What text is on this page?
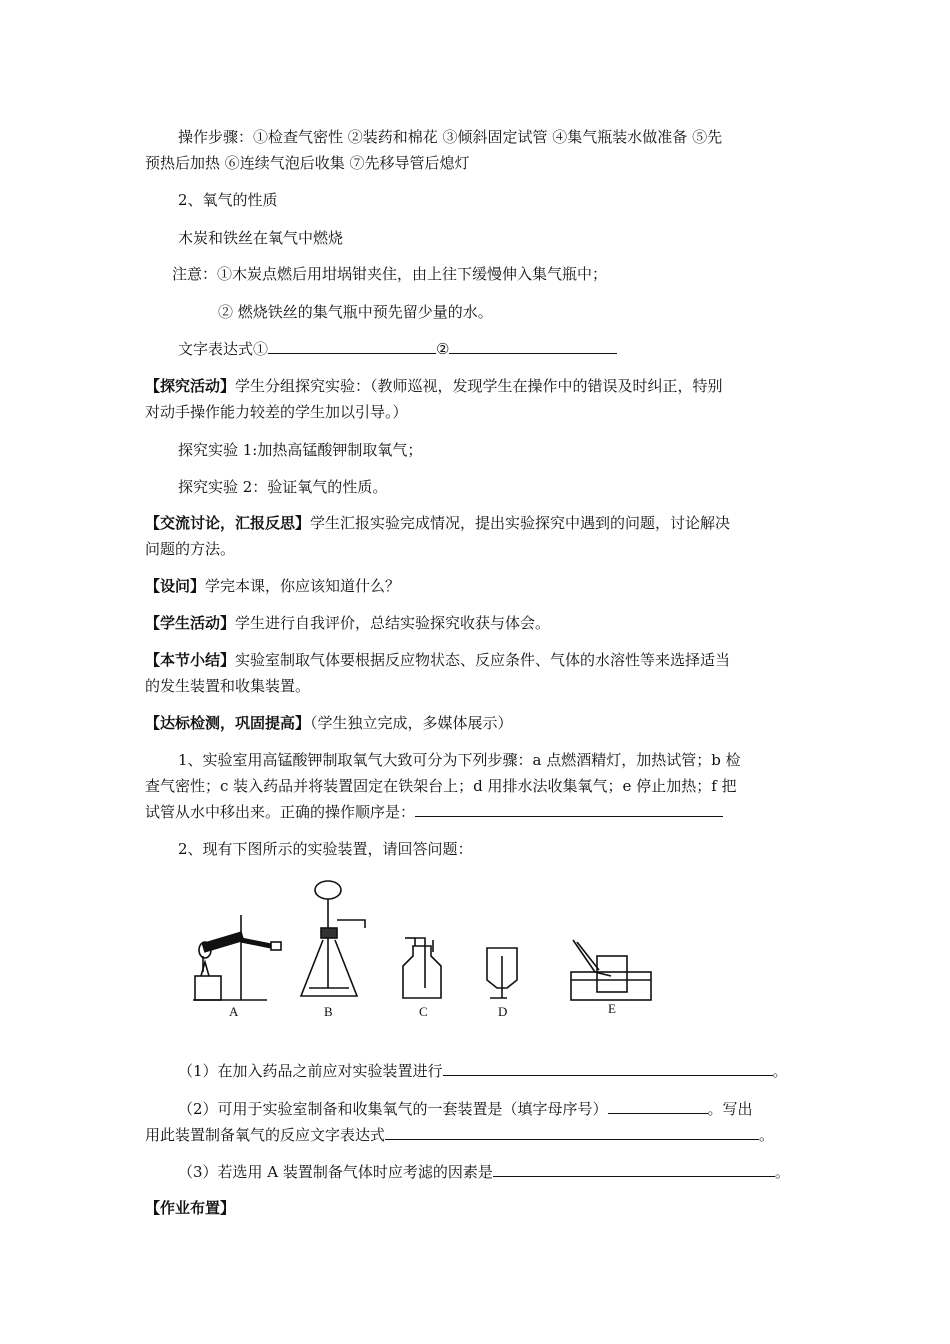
操作步骤：①检查气密性 ②装药和棉花 ③倾斜固定试管 ④集气瓶装水做准备 ⑤先
预热后加热 ⑥连续气泡后收集 ⑦先移导管后熄灯
2、氧气的性质
木炭和铁丝在氧气中燃烧
注意：①木炭点燃后用坩埚钳夹住，由上往下缓慢伸入集气瓶中；
② 燃烧铁丝的集气瓶中预先留少量的水。
文字表达式①	②
【探究活动】学生分组探究实验：（教师巡视，发现学生在操作中的错误及时纠正，特别
对动手操作能力较差的学生加以引导。）
探究实验 1:加热高锰酸钾制取氧气；
探究实验 2：验证氧气的性质。
【交流讨论，汇报反思】学生汇报实验完成情况，提出实验探究中遇到的问题，讨论解决
问题的方法。
【设问】学完本课，你应该知道什么？
【学生活动】学生进行自我评价，总结实验探究收获与体会。
【本节小结】实验室制取气体要根据反应物状态、反应条件、气体的水溶性等来选择适当
的发生装置和收集装置。
【达标检测，巩固提高】（学生独立完成，多媒体展示）
1、实验室用高锰酸钾制取氧气大致可分为下列步骤：a 点燃酒精灯，加热试管；b 检
查气密性；c 装入药品并将装置固定在铁架台上；d 用排水法收集氧气；e 停止加热；f 把
试管从水中移出来。正确的操作顺序是：
2、现有下图所示的实验装置，请回答问题：
A	B	C	D	E
（1）在加入药品之前应对实验装置进行	。
（2）可用于实验室制备和收集氧气的一套装置是（填字母序号）	。写出
用此装置制备氧气的反应文字表达式	。
（3）若选用 A 装置制备气体时应考滤的因素是	。
【作业布置】
